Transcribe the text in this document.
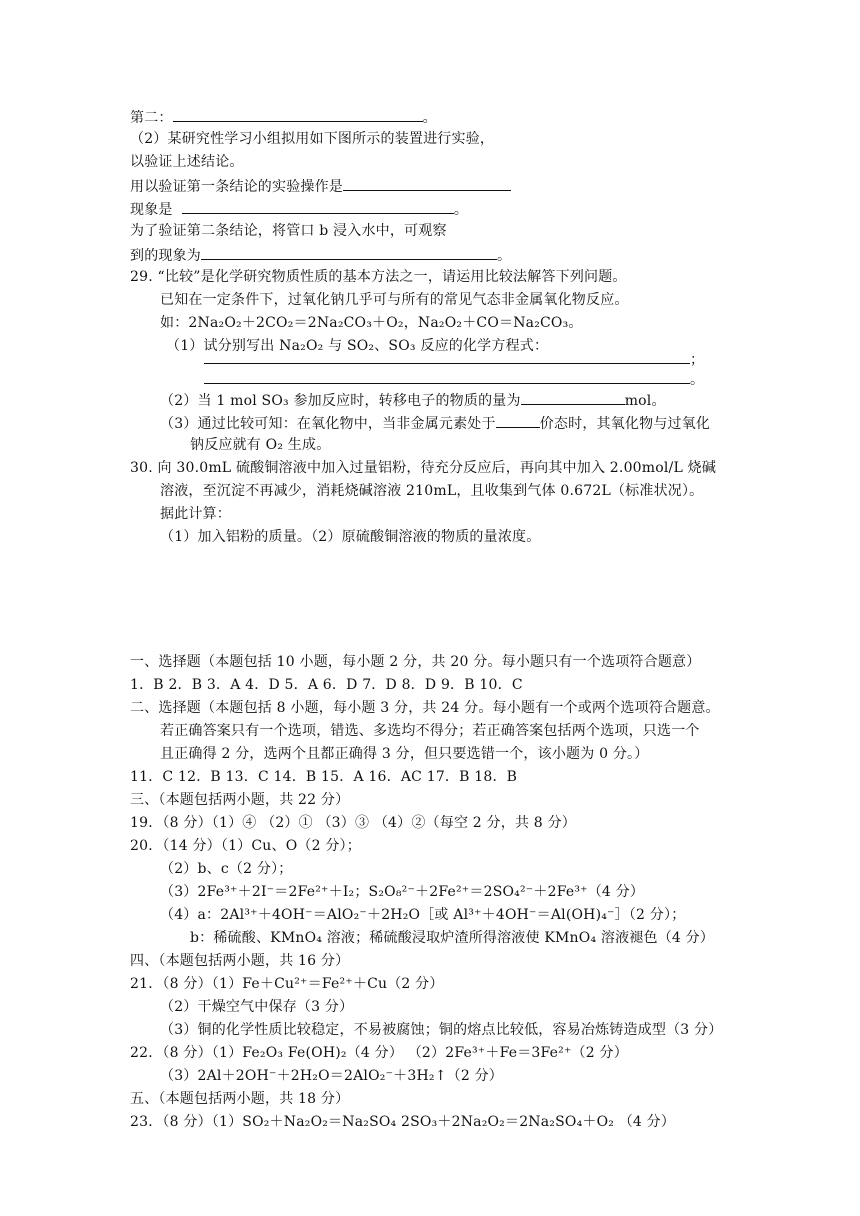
第二：	。
（2）某研究性学习小组拟用如下图所示的装置进行实验，
以验证上述结论。
用以验证第一条结论的实验操作是
现象是	。
为了验证第二条结论，将管口 b 浸入水中，可观察
到的现象为	。
29. “比较”是化学研究物质性质的基本方法之一，请运用比较法解答下列问题。
已知在一定条件下，过氧化钠几乎可与所有的常见气态非金属氧化物反应。
如：2Na₂O₂＋2CO₂＝2Na₂CO₃＋O₂，Na₂O₂＋CO＝Na₂CO₃。
（1）试分别写出 Na₂O₂ 与 SO₂、SO₃ 反应的化学方程式：
；
。
（2）当 1 mol SO₃ 参加反应时，转移电子的物质的量为	mol。
（3）通过比较可知：在氧化物中，当非金属元素处于	价态时，其氧化物与过氧化
钠反应就有 O₂ 生成。
30. 向 30.0mL 硫酸铜溶液中加入过量铝粉，待充分反应后，再向其中加入 2.00mol/L 烧碱
溶液，至沉淀不再减少，消耗烧碱溶液 210mL，且收集到气体 0.672L（标准状况）。
据此计算：
（1）加入铝粉的质量。（2）原硫酸铜溶液的物质的量浓度。
一、选择题（本题包括 10 小题，每小题 2 分，共 20 分。每小题只有一个选项符合题意）
1．B 2．B 3．A 4．D 5．A 6．D 7．D 8．D 9．B 10．C
二、选择题（本题包括 8 小题，每小题 3 分，共 24 分。每小题有一个或两个选项符合题意。
若正确答案只有一个选项，错选、多选均不得分；若正确答案包括两个选项，只选一个
且正确得 2 分，选两个且都正确得 3 分，但只要选错一个，该小题为 0 分。）
11．C 12．B 13．C 14．B 15．A 16．AC 17．B 18．B
三、（本题包括两小题，共 22 分）
19．（8 分）（1）④ （2）① （3）③ （4）②（每空 2 分，共 8 分）
20．（14 分）（1）Cu、O（2 分）；
（2）b、c（2 分）；
（3）2Fe³⁺＋2I⁻＝2Fe²⁺＋I₂；S₂O₈²⁻＋2Fe²⁺＝2SO₄²⁻＋2Fe³⁺（4 分）
（4）a：2Al³⁺＋4OH⁻＝AlO₂⁻＋2H₂O［或 Al³⁺＋4OH⁻＝Al(OH)₄⁻］（2 分）；
b：稀硫酸、KMnO₄ 溶液；稀硫酸浸取炉渣所得溶液使 KMnO₄ 溶液褪色（4 分）
四、（本题包括两小题，共 16 分）
21．（8 分）（1）Fe＋Cu²⁺＝Fe²⁺＋Cu（2 分）
（2）干燥空气中保存（3 分）
（3）铜的化学性质比较稳定，不易被腐蚀；铜的熔点比较低，容易冶炼铸造成型（3 分）
22．（8 分）（1）Fe₂O₃ Fe(OH)₂（4 分） （2）2Fe³⁺＋Fe＝3Fe²⁺（2 分）
（3）2Al＋2OH⁻＋2H₂O＝2AlO₂⁻＋3H₂↑（2 分）
五、（本题包括两小题，共 18 分）
23．（8 分）（1）SO₂＋Na₂O₂＝Na₂SO₄ 2SO₃＋2Na₂O₂＝2Na₂SO₄＋O₂ （4 分）
